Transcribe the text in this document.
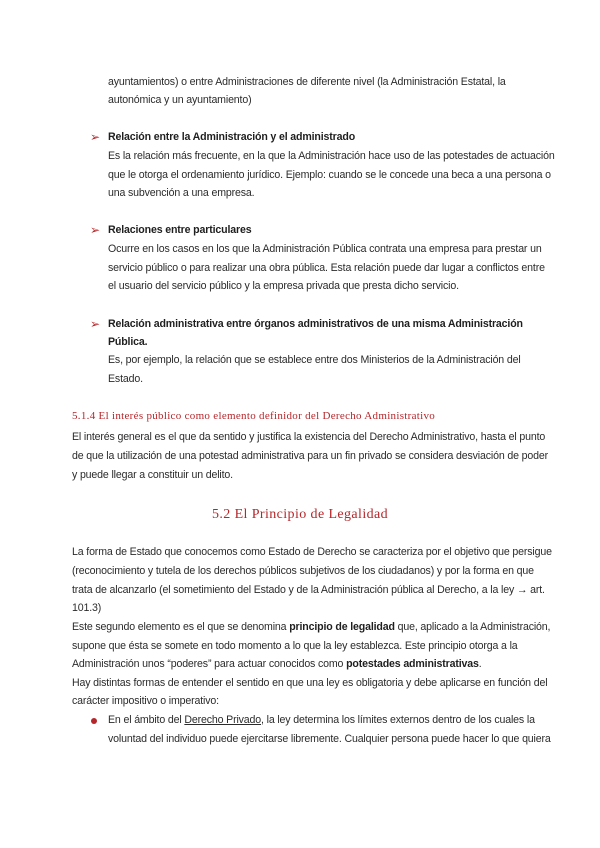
ayuntamientos) o entre Administraciones de diferente nivel (la Administración Estatal, la
autonómica y un ayuntamiento)
➢ Relación entre la Administración y el administrado
Es la relación más frecuente, en la que la Administración hace uso de las potestades de actuación
que le otorga el ordenamiento jurídico. Ejemplo: cuando se le concede una beca a una persona o
una subvención a una empresa.
➢ Relaciones entre particulares
Ocurre en los casos en los que la Administración Pública contrata una empresa para prestar un
servicio público o para realizar una obra pública. Esta relación puede dar lugar a conflictos entre
el usuario del servicio público y la empresa privada que presta dicho servicio.
➢ Relación administrativa entre órganos administrativos de una misma Administración
Pública.
Es, por ejemplo, la relación que se establece entre dos Ministerios de la Administración del
Estado.
5.1.4 El interés público como elemento definidor del Derecho Administrativo
El interés general es el que da sentido y justifica la existencia del Derecho Administrativo, hasta el punto
de que la utilización de una potestad administrativa para un fin privado se considera desviación de poder
y puede llegar a constituir un delito.
5.2 El Principio de Legalidad
La forma de Estado que conocemos como Estado de Derecho se caracteriza por el objetivo que persigue
(reconocimiento y tutela de los derechos públicos subjetivos de los ciudadanos) y por la forma en que
trata de alcanzarlo (el sometimiento del Estado y de la Administración pública al Derecho, a la ley → art.
101.3)
Este segundo elemento es el que se denomina principio de legalidad que, aplicado a la Administración,
supone que ésta se somete en todo momento a lo que la ley establezca. Este principio otorga a la
Administración unos “poderes” para actuar conocidos como potestades administrativas.
Hay distintas formas de entender el sentido en que una ley es obligatoria y debe aplicarse en función del
carácter impositivo o imperativo:
En el ámbito del Derecho Privado, la ley determina los límites externos dentro de los cuales la
voluntad del individuo puede ejercitarse libremente. Cualquier persona puede hacer lo que quiera
